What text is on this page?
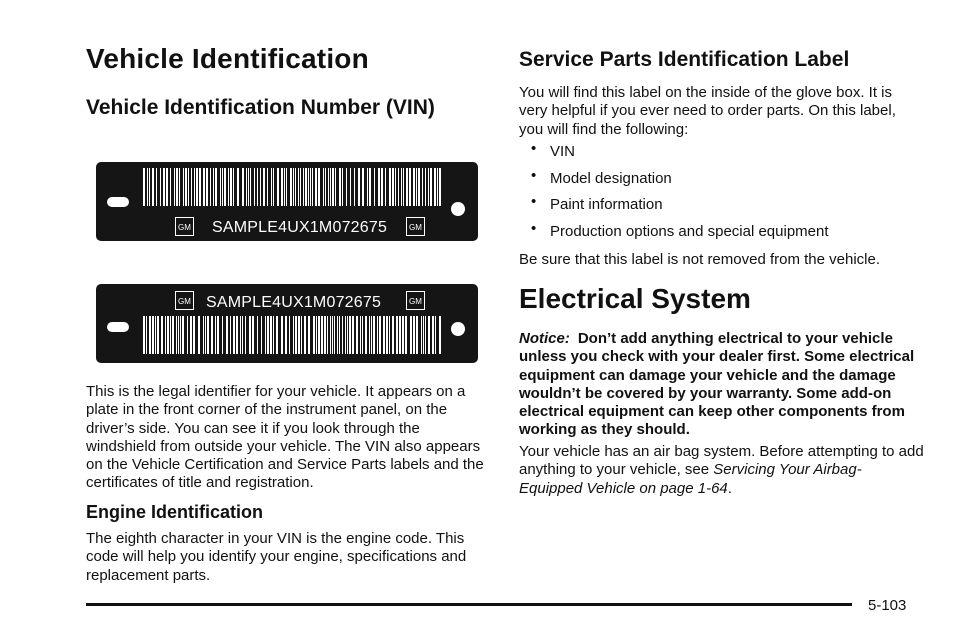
Vehicle Identification
Vehicle Identification Number (VIN)
GM SAMPLE4UX1M072675	GM
GM SAMPLE4UX1M072675	GM

This is the legal identifier for your vehicle. It appears on a plate in the front corner of the instrument panel, on the driver’s side. You can see it if you look through the windshield from outside your vehicle. The VIN also appears on the Vehicle Certification and Service Parts labels and the certificates of title and registration.

Engine Identification

The eighth character in your VIN is the engine code. This code will help you identify your engine, specifications and replacement parts.

Service Parts Identification Label

You will find this label on the inside of the glove box. It is very helpful if you ever need to order parts. On this label, you will find the following:

• VIN
• Model designation
• Paint information
• Production options and special equipment

Be sure that this label is not removed from the vehicle.

Electrical System

Notice: Don’t add anything electrical to your vehicle unless you check with your dealer first. Some electrical equipment can damage your vehicle and the damage wouldn’t be covered by your warranty. Some add-on electrical equipment can keep other components from working as they should.

Your vehicle has an air bag system. Before attempting to add anything to your vehicle, see Servicing Your Airbag-Equipped Vehicle on page 1-64.

5-103
